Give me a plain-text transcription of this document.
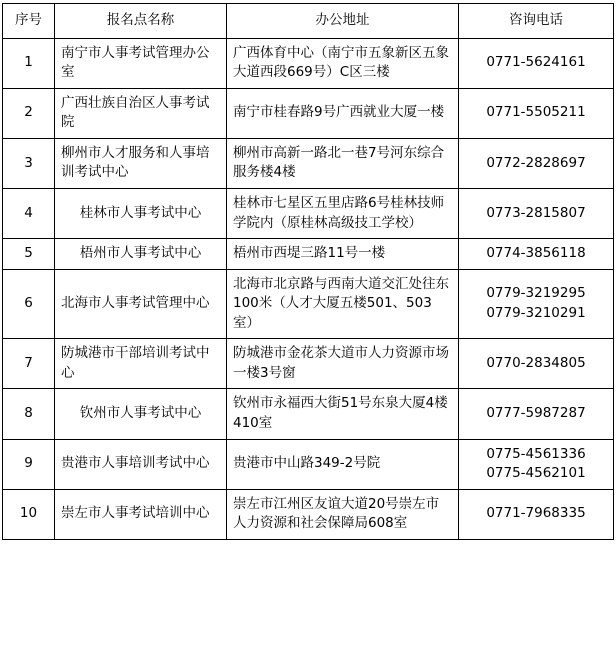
序号	报名点名称	办公地址	咨询电话
1	南宁市人事考试管理办公室	广西体育中心（南宁市五象新区五象大道西段669号）C区三楼	0771-5624161

2	广西壮族自治区人事考试院	南宁市桂春路9号广西就业大厦一楼	0771-5505211

3	柳州市人才服务和人事培训考试中心	柳州市高新一路北一巷7号河东综合服务楼4楼	0772-2828697

4	桂林市人事考试中心	桂林市七星区五里店路6号桂林技师学院内（原桂林高级技工学校）	0773-2815807

5	梧州市人事考试中心	梧州市西堤三路11号一楼	0774-3856118

6	北海市人事考试管理中心	北海市北京路与西南大道交汇处往东100米（人才大厦五楼501、503室）	0779-3219295
0779-3210291

7	防城港市干部培训考试中心	防城港市金花茶大道市人力资源市场一楼3号窗	0770-2834805

8	钦州市人事考试中心	钦州市永福西大街51号东泉大厦4楼410室	0777-5987287

9	贵港市人事培训考试中心	贵港市中山路349-2号院	0775-4561336
0775-4562101

10	崇左市人事考试培训中心	崇左市江州区友谊大道20号崇左市人力资源和社会保障局608室	0771-7968335
